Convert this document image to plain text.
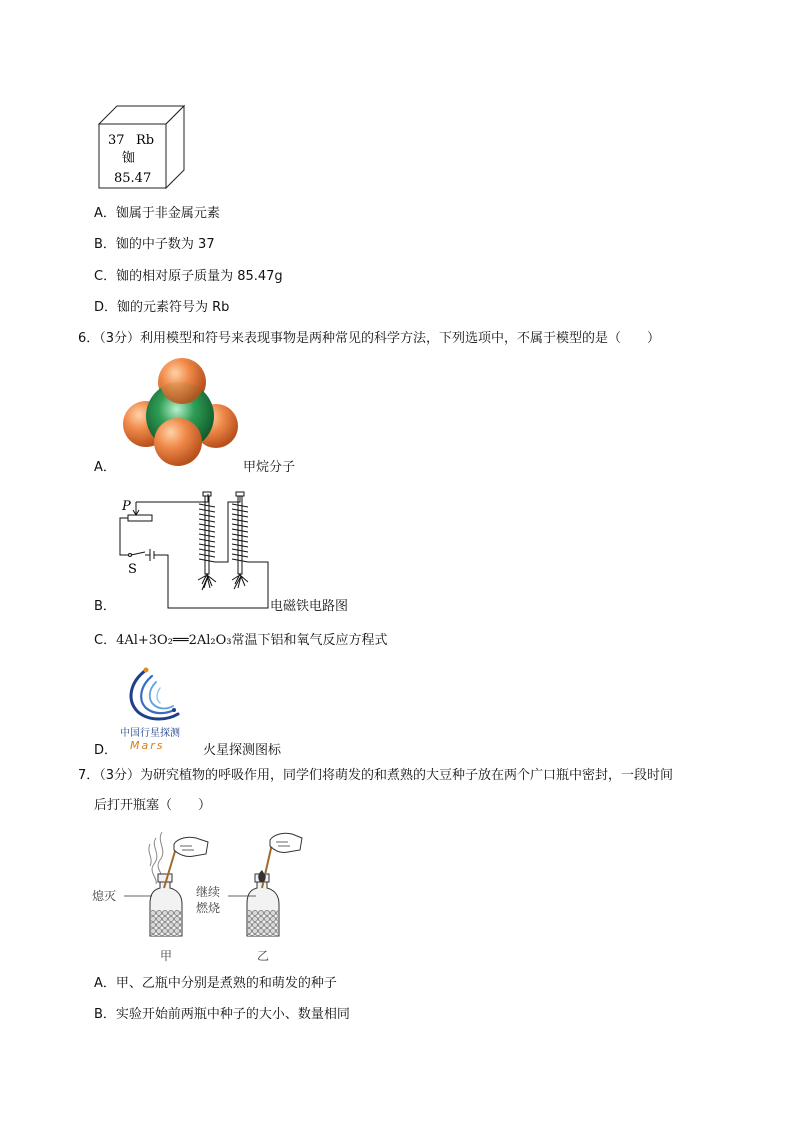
37 Rb
铷
85.47
A．铷属于非金属元素
B．铷的中子数为 37
C．铷的相对原子质量为 85.47g
D．铷的元素符号为 Rb
6．（3分）利用模型和符号来表现事物是两种常见的科学方法，下列选项中，不属于模型的是（　　）
A．	甲烷分子
P
S
B．	电磁铁电路图
C．4Al+3O₂══2Al₂O₃常温下铝和氧气反应方程式
中国行星探测
Mars
D．	火星探测图标
7．（3分）为研究植物的呼吸作用，同学们将萌发的和煮熟的大豆种子放在两个广口瓶中密封，一段时间
后打开瓶塞（　　）
熄灭	继续
燃烧
甲	乙
A．甲、乙瓶中分别是煮熟的和萌发的种子
B．实验开始前两瓶中种子的大小、数量相同
